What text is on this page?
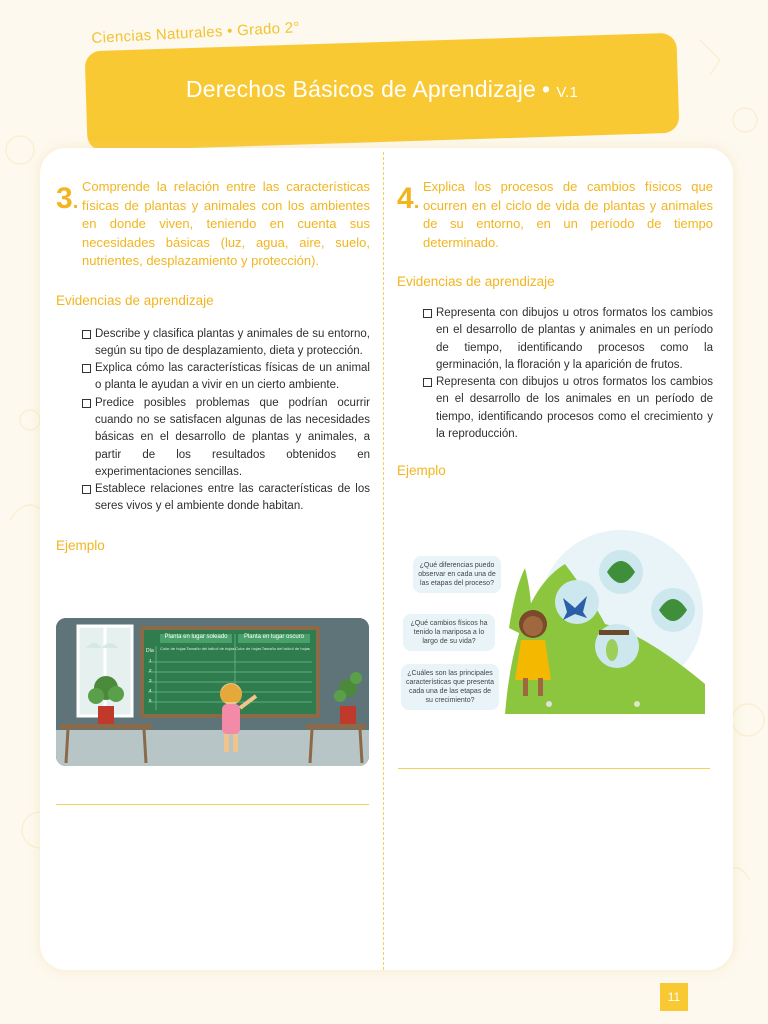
Ciencias Naturales • Grado 2°
Derechos Básicos de Aprendizaje • V.1
3.

Comprende la relación entre las características físicas de plantas y animales con los ambientes en donde viven, teniendo en cuenta sus necesidades básicas (luz, agua, aire, suelo, nutrientes, desplazamiento y protección).

Evidencias de aprendizaje
Describe y clasifica plantas y animales de su entorno, según su tipo de desplazamiento, dieta y protección.
Explica cómo las características físicas de un animal o planta le ayudan a vivir en un cierto ambiente.
Predice posibles problemas que podrían ocurrir cuando no se satisfacen algunas de las necesidades básicas en el desarrollo de plantas y animales, a partir de los resultados obtenidos en experimentaciones sencillas.
Establece relaciones entre las características de los seres vivos y el ambiente donde habitan.
Ejemplo
Planta en lugar soleado	Planta en lugar oscuro
Día Color de hojas Tamaño del tallo # de hojas Color de hojas Tamaño del tallo # de hojas
1
2
3
4
5
4.

Explica los procesos de cambios físicos que ocurren en el ciclo de vida de plantas y animales de su entorno, en un período de tiempo determinado.

Evidencias de aprendizaje
Representa con dibujos u otros formatos los cambios en el desarrollo de plantas y animales en un período de tiempo, identificando procesos como la germinación, la floración y la aparición de frutos.
Representa con dibujos u otros formatos los cambios en el desarrollo de los animales en un período de tiempo, identificando procesos como el crecimiento y la reproducción.
Ejemplo
¿Qué diferencias puedo observar en cada una de las etapas del proceso?
¿Qué cambios físicos ha tenido la mariposa a lo largo de su vida?
¿Cuáles son las principales características que presenta cada una de las etapas de su crecimiento?
11
